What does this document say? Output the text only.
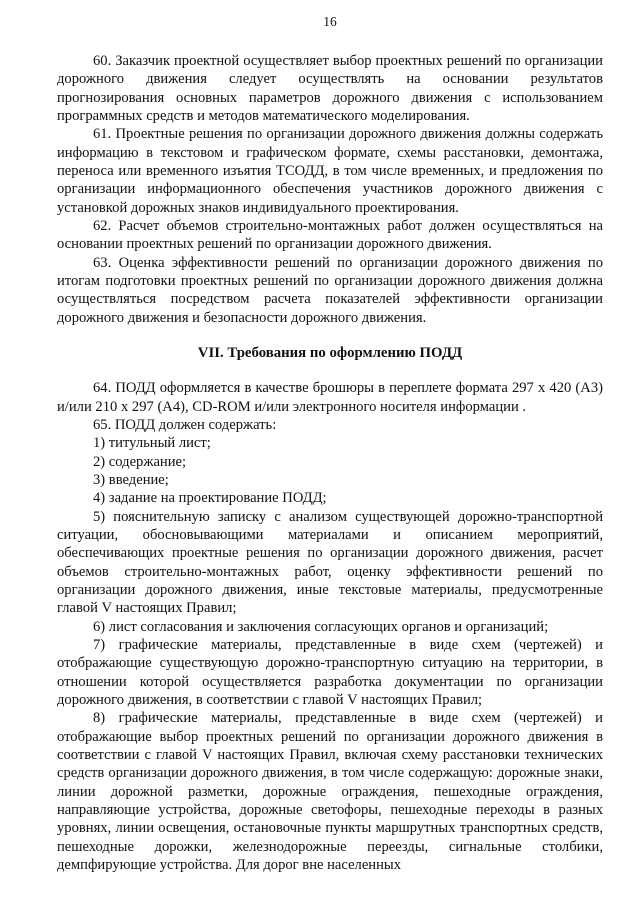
16

60. Заказчик проектной осуществляет выбор проектных решений по организации дорожного движения следует осуществлять на основании результатов прогнозирования основных параметров дорожного движения с использованием программных средств и методов математического моделирования.

61. Проектные решения по организации дорожного движения должны содержать информацию в текстовом и графическом формате, схемы расстановки, демонтажа, переноса или временного изъятия ТСОДД, в том числе временных, и предложения по организации информационного обеспечения участников дорожного движения с установкой дорожных знаков индивидуального проектирования.

62. Расчет объемов строительно-монтажных работ должен осуществляться на основании проектных решений по организации дорожного движения.

63. Оценка эффективности решений по организации дорожного движения по итогам подготовки проектных решений по организации дорожного движения должна осуществляться посредством расчета показателей эффективности организации дорожного движения и безопасности дорожного движения.

VII. Требования по оформлению ПОДД

64. ПОДД оформляется в качестве брошюры в переплете формата 297 x 420 (А3) и/или 210 x 297 (А4), CD-ROM и/или электронного носителя информации .

65. ПОДД должен содержать:

1) титульный лист;

2) содержание;

3) введение;

4) задание на проектирование ПОДД;

5) пояснительную записку с анализом существующей дорожно-транспортной ситуации, обосновывающими материалами и описанием мероприятий, обеспечивающих проектные решения по организации дорожного движения, расчет объемов строительно-монтажных работ, оценку эффективности решений по организации дорожного движения, иные текстовые материалы, предусмотренные главой V настоящих Правил;

6) лист согласования и заключения согласующих органов и организаций;

7) графические материалы, представленные в виде схем (чертежей) и отображающие существующую дорожно-транспортную ситуацию на территории, в отношении которой осуществляется разработка документации по организации дорожного движения, в соответствии с главой V настоящих Правил;

8) графические материалы, представленные в виде схем (чертежей) и отображающие выбор проектных решений по организации дорожного движения в соответствии с главой V настоящих Правил, включая схему расстановки технических средств организации дорожного движения, в том числе содержащую: дорожные знаки, линии дорожной разметки, дорожные ограждения, пешеходные ограждения, направляющие устройства, дорожные светофоры, пешеходные переходы в разных уровнях, линии освещения, остановочные пункты маршрутных транспортных средств, пешеходные дорожки, железнодорожные переезды, сигнальные столбики, демпфирующие устройства. Для дорог вне населенных
